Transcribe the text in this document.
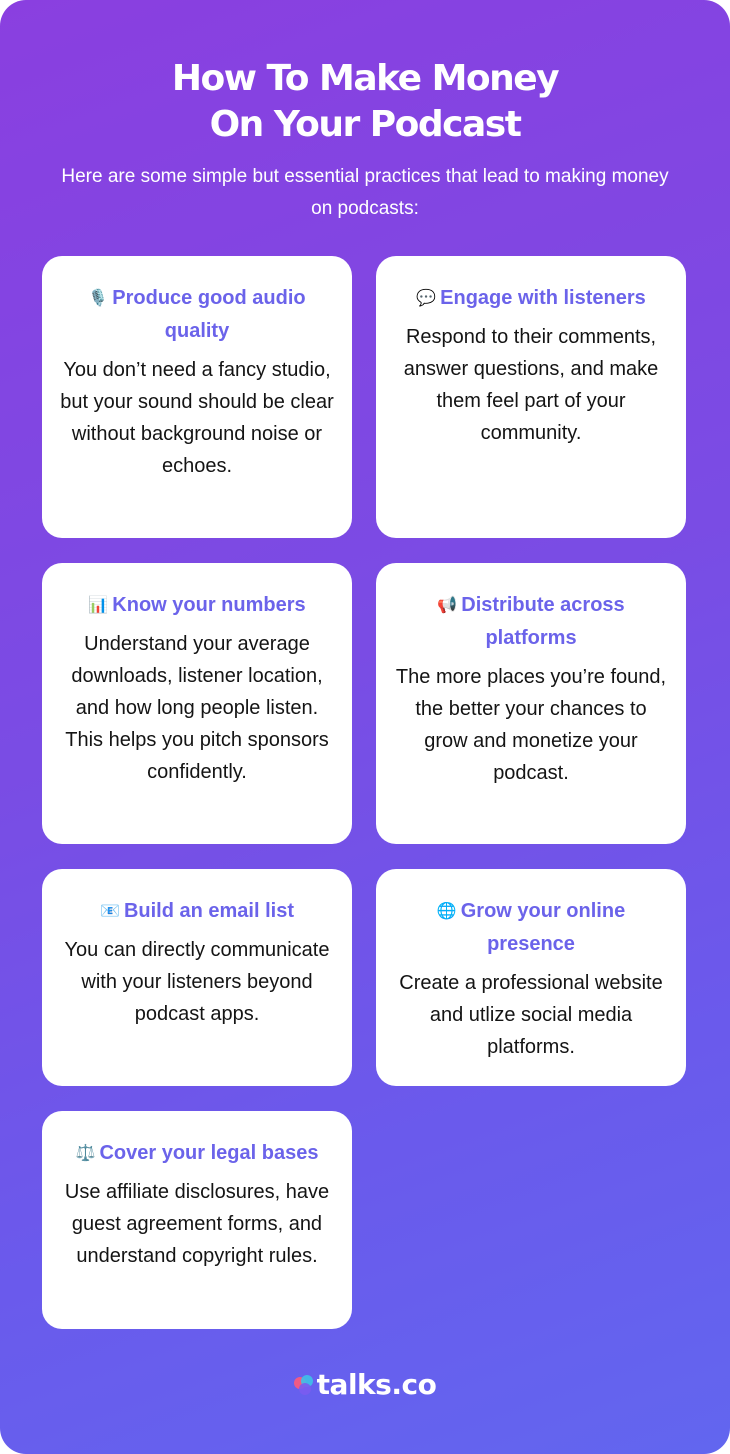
How To Make Money
On Your Podcast

Here are some simple but essential practices that lead to making money on podcasts:

🎙️ Produce good audio quality

You don’t need a fancy studio, but your sound should be clear without background noise or echoes.

💬 Engage with listeners

Respond to their comments, answer questions, and make them feel part of your community.

📊 Know your numbers

Understand your average downloads, listener location, and how long people listen. This helps you pitch sponsors confidently.

📢 Distribute across platforms

The more places you’re found, the better your chances to grow and monetize your podcast.

📧 Build an email list

You can directly communicate with your listeners beyond podcast apps.

🌐 Grow your online presence

Create a professional website and utlize social media platforms.

⚖️ Cover your legal bases

Use affiliate disclosures, have guest agreement forms, and understand copyright rules.

talks.co
